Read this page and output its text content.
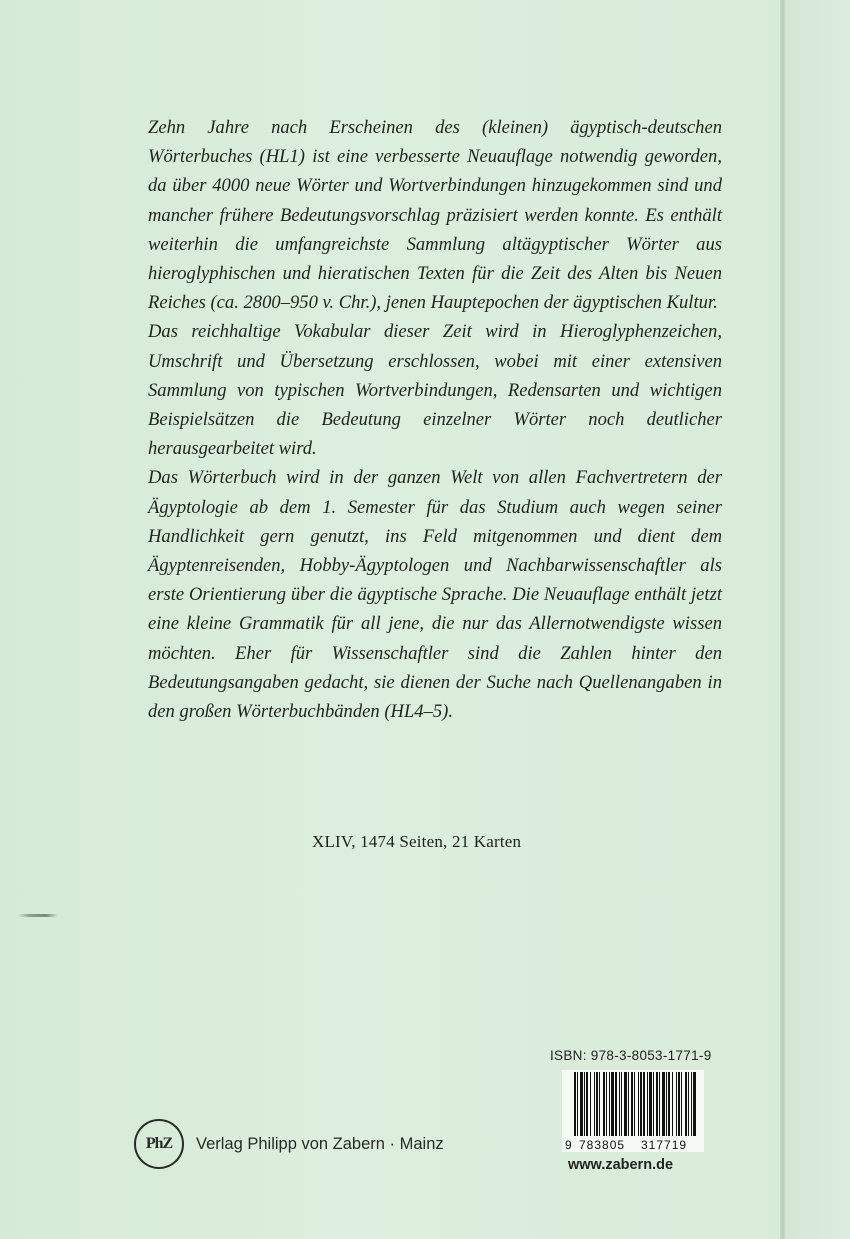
Zehn Jahre nach Erscheinen des (kleinen) ägyptisch-deutschen Wörterbuches (HL1) ist eine verbesserte Neuauflage notwendig geworden, da über 4000 neue Wörter und Wortverbindungen hinzugekommen sind und mancher frühere Bedeutungsvorschlag präzisiert werden konnte. Es enthält weiterhin die umfangreichste Sammlung altägyptischer Wörter aus hieroglyphischen und hieratischen Texten für die Zeit des Alten bis Neuen Reiches (ca. 2800–950 v. Chr.), jenen Hauptepochen der ägyptischen Kultur.

Das reichhaltige Vokabular dieser Zeit wird in Hieroglyphenzeichen, Umschrift und Übersetzung erschlossen, wobei mit einer extensiven Sammlung von typischen Wortverbindungen, Redensarten und wichtigen Beispielsätzen die Bedeutung einzelner Wörter noch deutlicher herausgearbeitet wird.

Das Wörterbuch wird in der ganzen Welt von allen Fachvertretern der Ägyptologie ab dem 1. Semester für das Studium auch wegen seiner Handlichkeit gern genutzt, ins Feld mitgenommen und dient dem Ägyptenreisenden, Hobby-Ägyptologen und Nachbarwissenschaftler als erste Orientierung über die ägyptische Sprache. Die Neuauflage enthält jetzt eine kleine Grammatik für all jene, die nur das Allernotwendigste wissen möchten. Eher für Wissenschaftler sind die Zahlen hinter den Bedeutungsangaben gedacht, sie dienen der Suche nach Quellenangaben in den großen Wörterbuchbänden (HL4–5).

XLIV, 1474 Seiten, 21 Karten
ISBN: 978-3-8053-1771-9
9 783805 317719
www.zabern.de
PhZ	Verlag Philipp von Zabern · Mainz
